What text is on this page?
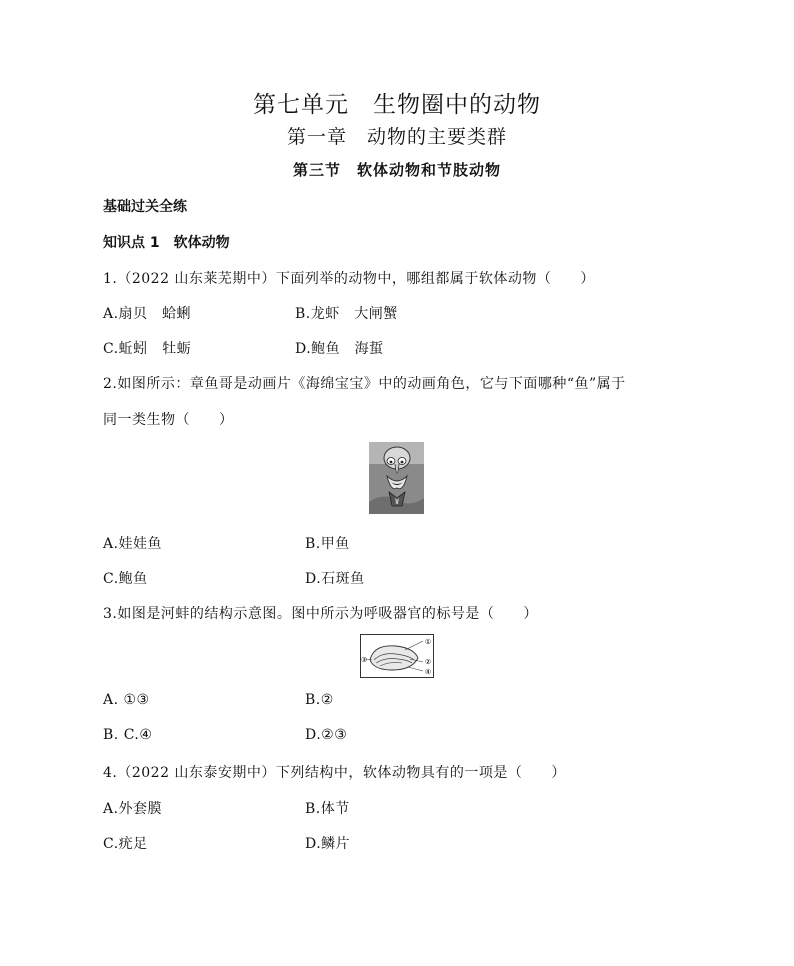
第七单元　生物圈中的动物
第一章　动物的主要类群
第三节　软体动物和节肢动物
基础过关全练
知识点 1　软体动物
1.（2022 山东莱芜期中）下面列举的动物中，哪组都属于软体动物（　　）
A.扇贝　蛤蜊	B.龙虾　大闸蟹
C.蚯蚓　牡蛎	D.鲍鱼　海蜇
2.如图所示：章鱼哥是动画片《海绵宝宝》中的动画角色，它与下面哪种“鱼”属于
同一类生物（　　）
A.娃娃鱼	B.甲鱼
C.鲍鱼	D.石斑鱼
3.如图是河蚌的结构示意图。图中所示为呼吸器官的标号是（　　）
①
②
③
④
A. ①③	B.②
B. C.④	D.②③
4.（2022 山东泰安期中）下列结构中，软体动物具有的一项是（　　）
A.外套膜	B.体节
C.疣足	D.鳞片
